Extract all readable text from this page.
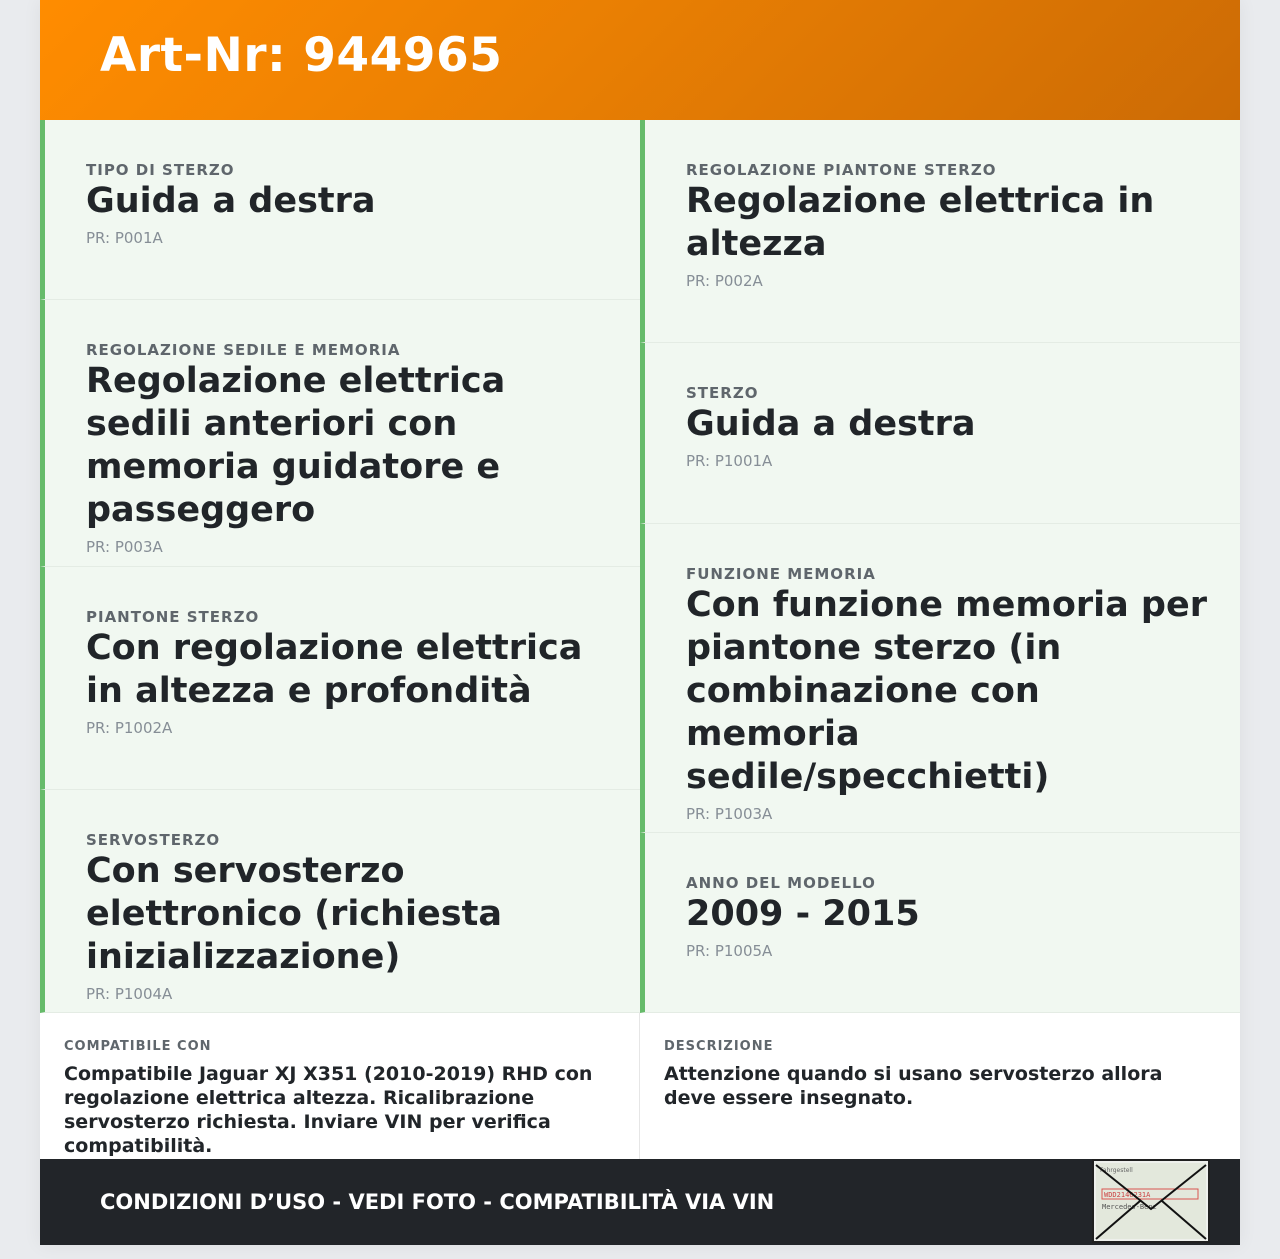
Art-Nr: 944965
TIPO DI STERZO
Guida a destra
PR: P001A
REGOLAZIONE SEDILE E MEMORIA
Regolazione elettrica sedili anteriori con memoria guidatore e passeggero
PR: P003A
PIANTONE STERZO
Con regolazione elettrica in altezza e profondità
PR: P1002A
SERVOSTERZO
Con servosterzo elettronico (richiesta inizializzazione)
PR: P1004A
REGOLAZIONE PIANTONE STERZO
Regolazione elettrica in altezza
PR: P002A
STERZO
Guida a destra
PR: P1001A
FUNZIONE MEMORIA
Con funzione memoria per piantone sterzo (in combinazione con memoria sedile/specchietti)
PR: P1003A
ANNO DEL MODELLO
2009 - 2015
PR: P1005A
COMPATIBILE CON
Compatibile Jaguar XJ X351 (2010-2019) RHD con regolazione elettrica altezza. Ricalibrazione servosterzo richiesta. Inviare VIN per verifica compatibilità.
DESCRIZIONE
Attenzione quando si usano servosterzo allora deve essere insegnato.
CONDIZIONI D’USO - VEDI FOTO - COMPATIBILITÀ VIA VIN
Fahrgestell
WDD2146231A
Mercedes-Benz
